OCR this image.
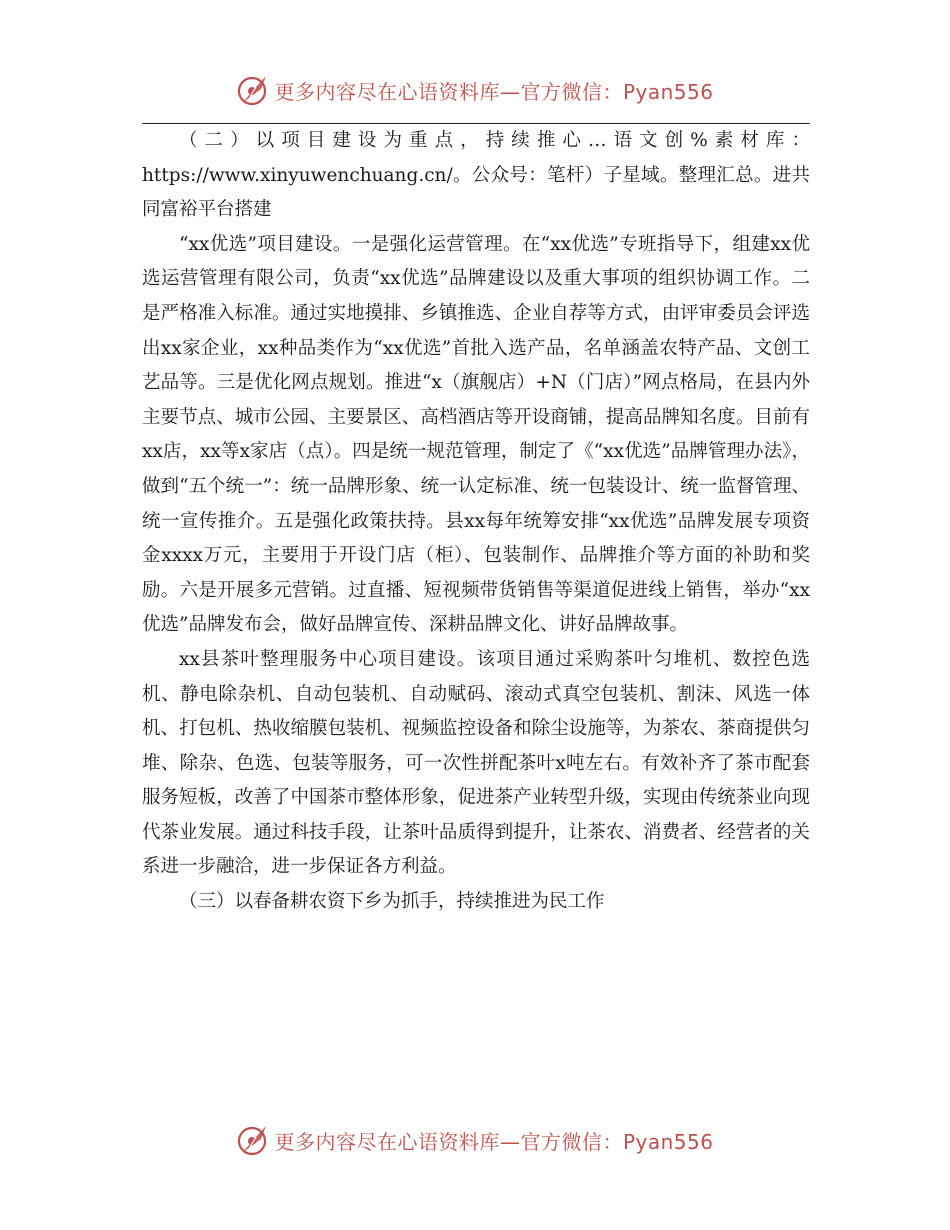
更多内容尽在心语资料库—官方微信：Pyan556

（二）以项目建设为重点，持续推心…语文创%素材库：https://www.xinyuwenchuang.cn/。公众号：笔杆）子星域。整理汇总。进共同富裕平台搭建

“xx优选”项目建设。一是强化运营管理。在“xx优选”专班指导下，组建xx优选运营管理有限公司，负责“xx优选”品牌建设以及重大事项的组织协调工作。二是严格准入标准。通过实地摸排、乡镇推选、企业自荐等方式，由评审委员会评选出xx家企业，xx种品类作为“xx优选”首批入选产品，名单涵盖农特产品、文创工艺品等。三是优化网点规划。推进“x（旗舰店）+N（门店）”网点格局，在县内外主要节点、城市公园、主要景区、高档酒店等开设商铺，提高品牌知名度。目前有xx店，xx等x家店（点）。四是统一规范管理，制定了《“xx优选”品牌管理办法》，做到“五个统一”：统一品牌形象、统一认定标准、统一包装设计、统一监督管理、统一宣传推介。五是强化政策扶持。县xx每年统筹安排“xx优选”品牌发展专项资金xxxx万元，主要用于开设门店（柜）、包装制作、品牌推介等方面的补助和奖励。六是开展多元营销。过直播、短视频带货销售等渠道促进线上销售，举办“xx优选”品牌发布会，做好品牌宣传、深耕品牌文化、讲好品牌故事。

xx县茶叶整理服务中心项目建设。该项目通过采购茶叶匀堆机、数控色选机、静电除杂机、自动包装机、自动赋码、滚动式真空包装机、割沫、风选一体机、打包机、热收缩膜包装机、视频监控设备和除尘设施等，为茶农、茶商提供匀堆、除杂、色选、包装等服务，可一次性拼配茶叶x吨左右。有效补齐了茶市配套服务短板，改善了中国茶市整体形象，促进茶产业转型升级，实现由传统茶业向现代茶业发展。通过科技手段，让茶叶品质得到提升，让茶农、消费者、经营者的关系进一步融洽，进一步保证各方利益。

（三）以春备耕农资下乡为抓手，持续推进为民工作

更多内容尽在心语资料库—官方微信：Pyan556
